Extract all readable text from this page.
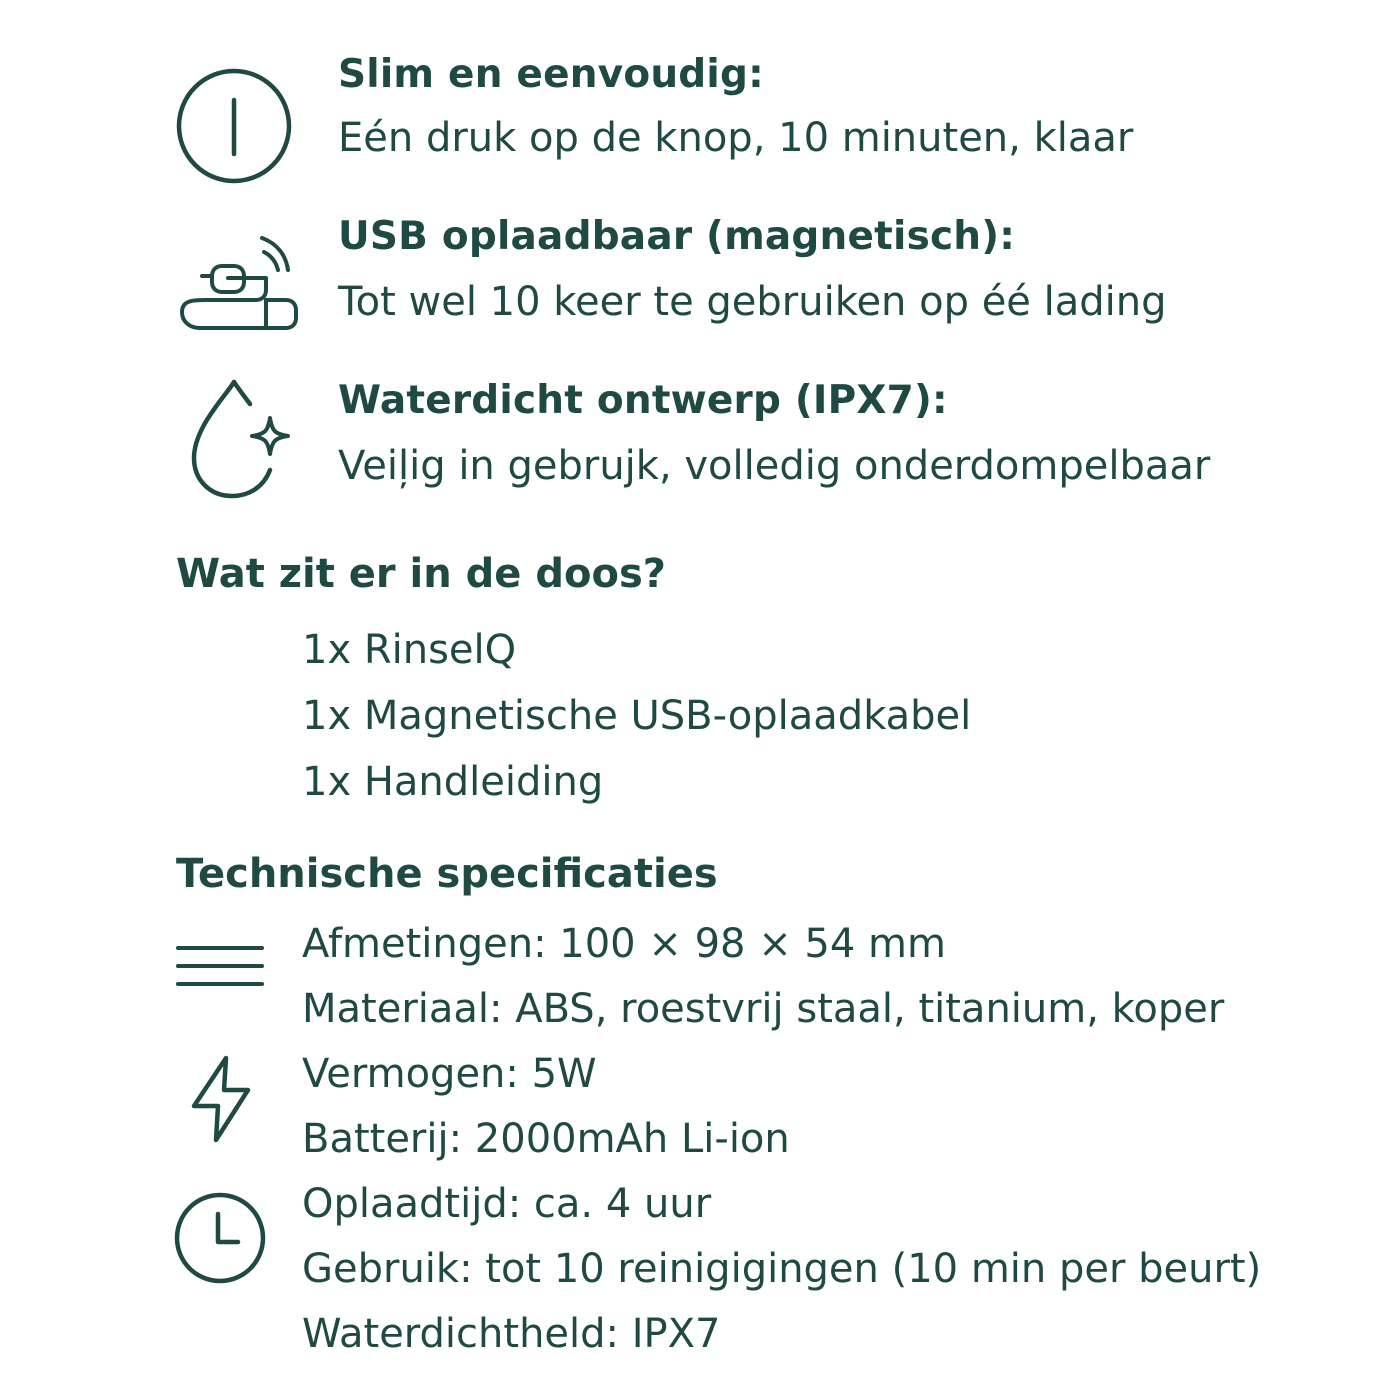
Slim en eenvoudig:
Eén druk op de knop, 10 minuten, klaar
USB oplaadbaar (magnetisch):
Tot wel 10 keer te gebruiken op éé lading
Waterdicht ontwerp (IPX7):
Veiļig in gebrujk, volledig onderdompelbaar
Wat zit er in de doos?
1x RinselQ
1x Magnetische USB-oplaadkabel
1x Handleiding
Technische specificaties
Afmetingen: 100 × 98 × 54 mm
Materiaal: ABS, roestvrij staal, titanium, koper
Vermogen: 5W
Batterij: 2000mAh Li-ion
Oplaadtijd: ca. 4 uur
Gebruik: tot 10 reinigigingen (10 min per beurt)
Waterdichtheld: IPX7
